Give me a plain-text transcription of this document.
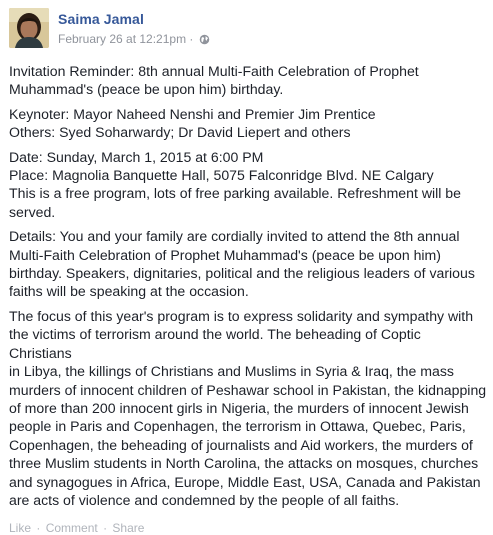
Saima Jamal
February 26 at 12:21pm ·

Invitation Reminder: 8th annual Multi-Faith Celebration of Prophet
Muhammad's (peace be upon him) birthday.

Keynoter: Mayor Naheed Nenshi and Premier Jim Prentice
Others: Syed Soharwardy; Dr David Liepert and others

Date: Sunday, March 1, 2015 at 6:00 PM
Place: Magnolia Banquette Hall, 5075 Falconridge Blvd. NE Calgary
This is a free program, lots of free parking available. Refreshment will be
served.

Details: You and your family are cordially invited to attend the 8th annual
Multi-Faith Celebration of Prophet Muhammad's (peace be upon him)
birthday. Speakers, dignitaries, political and the religious leaders of various
faiths will be speaking at the occasion.

The focus of this year's program is to express solidarity and sympathy with
the victims of terrorism around the world. The beheading of Coptic Christians
in Libya, the killings of Christians and Muslims in Syria & Iraq, the mass
murders of innocent children of Peshawar school in Pakistan, the kidnapping
of more than 200 innocent girls in Nigeria, the murders of innocent Jewish
people in Paris and Copenhagen, the terrorism in Ottawa, Quebec, Paris,
Copenhagen, the beheading of journalists and Aid workers, the murders of
three Muslim students in North Carolina, the attacks on mosques, churches
and synagogues in Africa, Europe, Middle East, USA, Canada and Pakistan
are acts of violence and condemned by the people of all faiths.

Like · Comment · Share
